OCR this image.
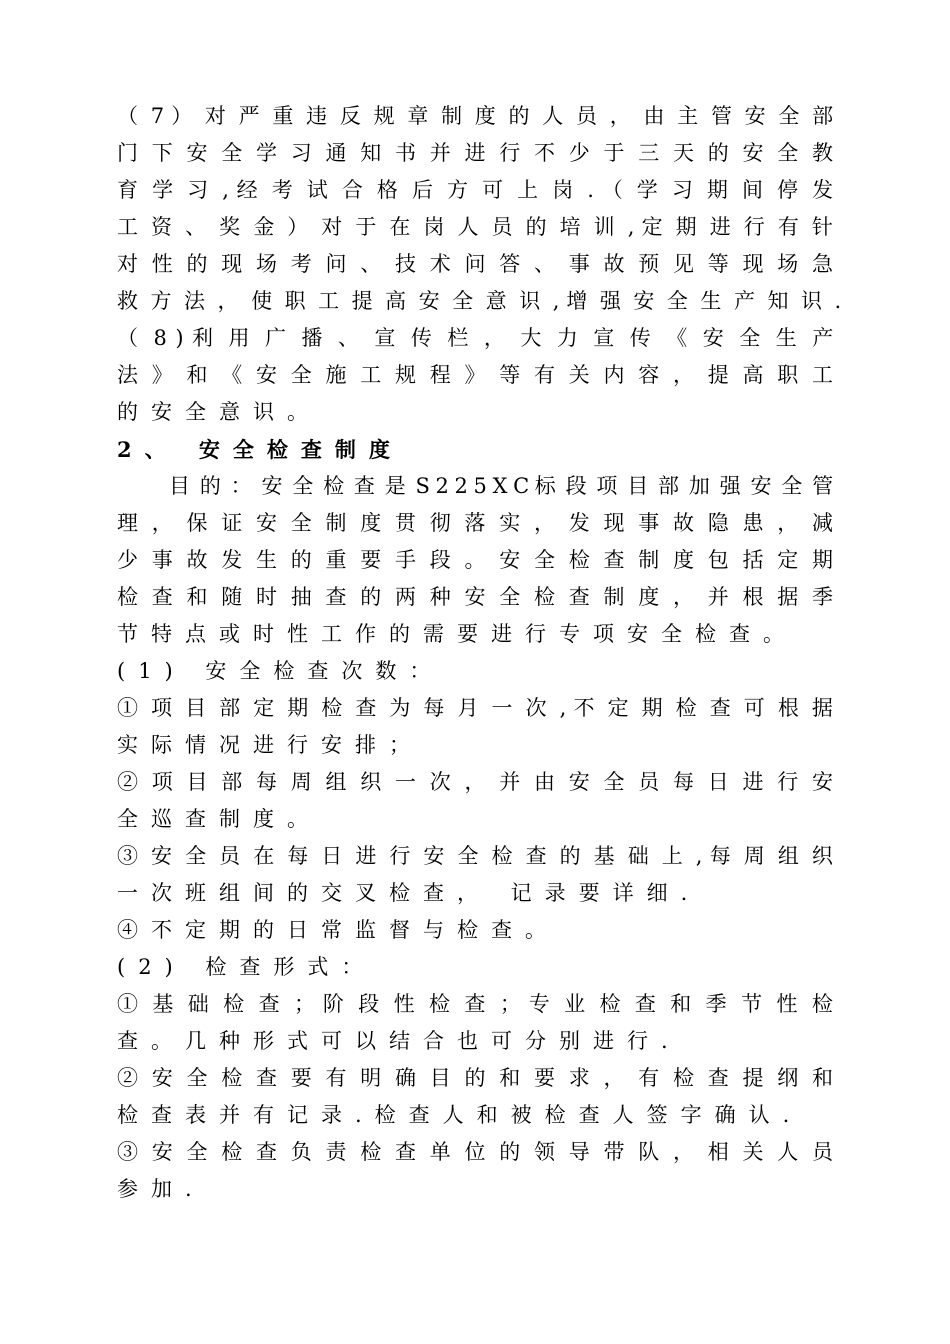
（ 7 ） 对 严 重 违 反 规 章 制 度 的 人 员 ， 由 主 管 安 全 部
门 下 安 全 学 习 通 知 书 并 进 行 不 少 于 三 天 的 安 全 教
育 学 习 , 经 考 试 合 格 后 方 可 上 岗 . （ 学 习 期 间 停 发
工 资 、 奖 金 ） 对 于 在 岗 人 员 的 培 训 , 定 期 进 行 有 针
对 性 的 现 场 考 问 、 技 术 问 答 、 事 故 预 见 等 现 场 急
救 方 法 ， 使 职 工 提 高 安 全 意 识 , 增 强 安 全 生 产 知 识 .
（ 8 ) 利 用 广 播 、 宣 传 栏 ， 大 力 宣 传 《 安 全 生 产
法 》 和 《 安 全 施 工 规 程 》 等 有 关 内 容 ， 提 高 职 工
的安全意识。
2、 安全检查制度
目 的 ： 安 全 检 查 是 S 2 2 5 X C 标 段 项 目 部 加 强 安 全 管
理 ， 保 证 安 全 制 度 贯 彻 落 实 ， 发 现 事 故 隐 患 ， 减
少 事 故 发 生 的 重 要 手 段 。 安 全 检 查 制 度 包 括 定 期
检 查 和 随 时 抽 查 的 两 种 安 全 检 查 制 度 ， 并 根 据 季
节特点或时性工作的需要进行专项安全检查。
(1) 安全检查次数：
① 项 目 部 定 期 检 查 为 每 月 一 次 , 不 定 期 检 查 可 根 据
实际情况进行安排；
② 项 目 部 每 周 组 织 一 次 ， 并 由 安 全 员 每 日 进 行 安
全巡查制度。
③ 安 全 员 在 每 日 进 行 安 全 检 查 的 基 础 上 , 每 周 组 织
一次班组间的交叉检查， 记录要详细.
④不定期的日常监督与检查。
(2) 检查形式：
① 基 础 检 查 ； 阶 段 性 检 查 ； 专 业 检 查 和 季 节 性 检
查。几种形式可以结合也可分别进行.
② 安 全 检 查 要 有 明 确 目 的 和 要 求 ， 有 检 查 提 纲 和
检查表并有记录.检查人和被检查人签字确认.
③ 安 全 检 查 负 责 检 查 单 位 的 领 导 带 队 ， 相 关 人 员
参加.
